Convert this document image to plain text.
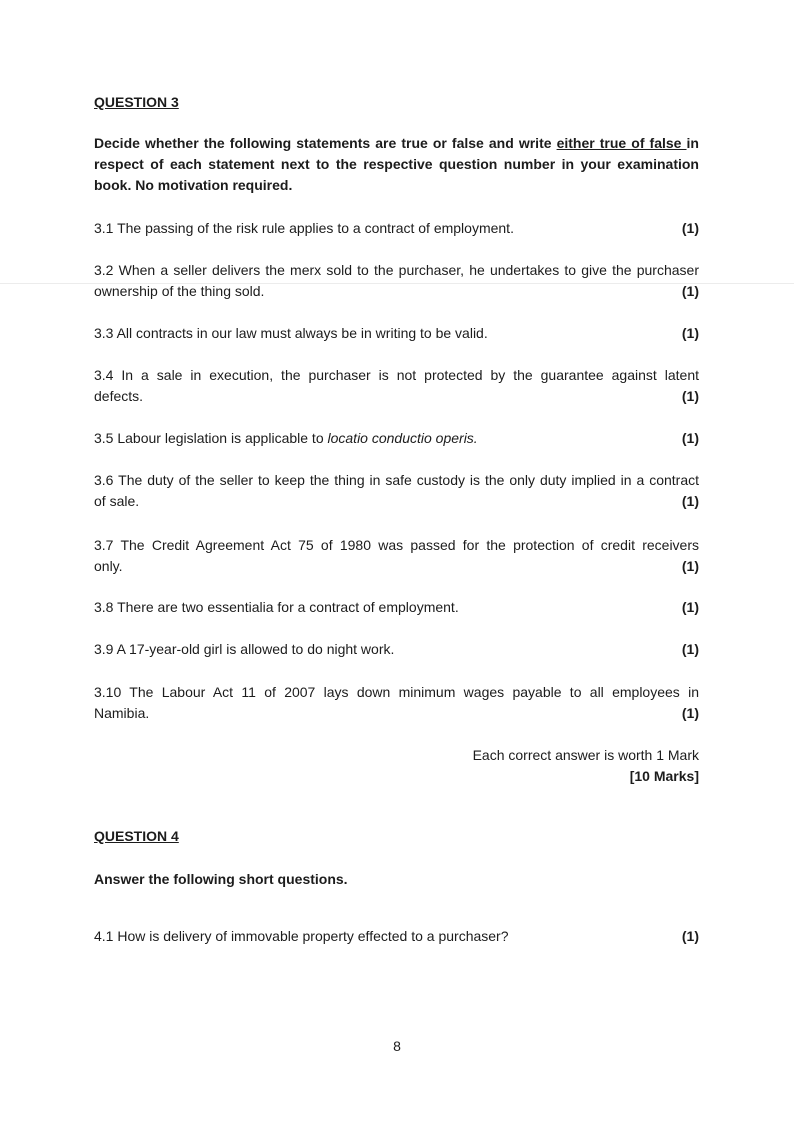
QUESTION 3
Decide whether the following statements are true or false and write either true of false in respect of each statement next to the respective question number in your examination book. No motivation required.
3.1 The passing of the risk rule applies to a contract of employment.	(1)
3.2 When a seller delivers the merx sold to the purchaser, he undertakes to give the purchaser
ownership of the thing sold.	(1)
3.3 All contracts in our law must always be in writing to be valid.	(1)
3.4 In a sale in execution, the purchaser is not protected by the guarantee against latent
defects.	(1)
3.5 Labour legislation is applicable to locatio conductio operis.	(1)
3.6 The duty of the seller to keep the thing in safe custody is the only duty implied in a contract
of sale.	(1)
3.7 The Credit Agreement Act 75 of 1980 was passed for the protection of credit receivers
only.	(1)
3.8 There are two essentialia for a contract of employment.	(1)
3.9 A 17-year-old girl is allowed to do night work.	(1)
3.10 The Labour Act 11 of 2007 lays down minimum wages payable to all employees in
Namibia.	(1)
Each correct answer is worth 1 Mark
[10 Marks]
QUESTION 4
Answer the following short questions.
4.1 How is delivery of immovable property effected to a purchaser?	(1)
8
